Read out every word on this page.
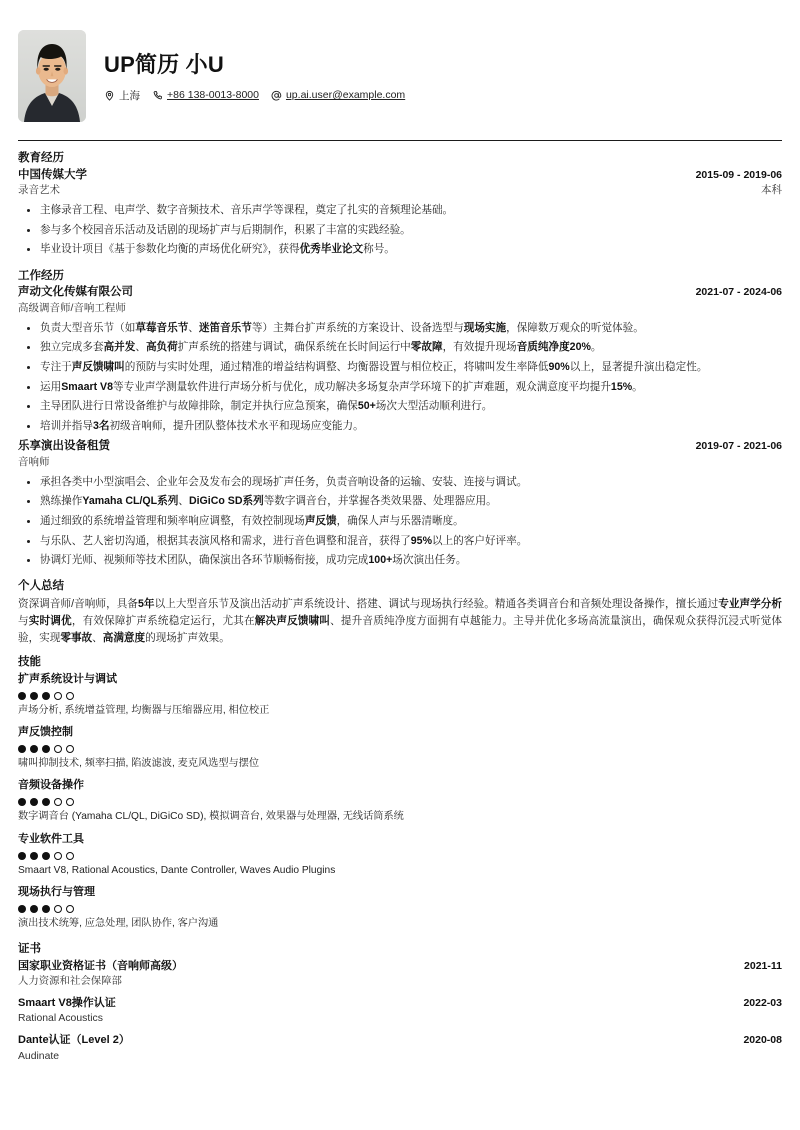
UP简历 小U
上海	+86 138-0013-8000	up.ai.user@example.com
教育经历
中国传媒大学	2015-09 - 2019-06
录音艺术	本科
主修录音工程、电声学、数字音频技术、音乐声学等课程，奠定了扎实的音频理论基础。
参与多个校园音乐活动及话剧的现场扩声与后期制作，积累了丰富的实践经验。
毕业设计项目《基于参数化均衡的声场优化研究》，获得优秀毕业论文称号。
工作经历
声动文化传媒有限公司	2021-07 - 2024-06
高级调音师/音响工程师
负责大型音乐节（如草莓音乐节、迷笛音乐节等）主舞台扩声系统的方案设计、设备选型与现场实施，保障数万观众的听觉体验。
独立完成多套高并发、高负荷扩声系统的搭建与调试，确保系统在长时间运行中零故障，有效提升现场音质纯净度20%。
专注于声反馈啸叫的预防与实时处理，通过精准的增益结构调整、均衡器设置与相位校正，将啸叫发生率降低90%以上，显著提升演出稳定性。
运用Smaart V8等专业声学测量软件进行声场分析与优化，成功解决多场复杂声学环境下的扩声难题，观众满意度平均提升15%。
主导团队进行日常设备维护与故障排除，制定并执行应急预案，确保50+场次大型活动顺利进行。
培训并指导3名初级音响师，提升团队整体技术水平和现场应变能力。
乐享演出设备租赁	2019-07 - 2021-06
音响师
承担各类中小型演唱会、企业年会及发布会的现场扩声任务，负责音响设备的运输、安装、连接与调试。
熟练操作Yamaha CL/QL系列、DiGiCo SD系列等数字调音台，并掌握各类效果器、处理器应用。
通过细致的系统增益管理和频率响应调整，有效控制现场声反馈，确保人声与乐器清晰度。
与乐队、艺人密切沟通，根据其表演风格和需求，进行音色调整和混音，获得了95%以上的客户好评率。
协调灯光师、视频师等技术团队，确保演出各环节顺畅衔接，成功完成100+场次演出任务。
个人总结
资深调音师/音响师，具备5年以上大型音乐节及演出活动扩声系统设计、搭建、调试与现场执行经验。精通各类调音台和音频处理设备操作，擅长通过专业声学分析与实时调优，有效保障扩声系统稳定运行，尤其在解决声反馈啸叫、提升音质纯净度方面拥有卓越能力。主导并优化多场高流量演出，确保观众获得沉浸式听觉体验，实现零事故、高满意度的现场扩声效果。
技能
扩声系统设计与调试
声场分析, 系统增益管理, 均衡器与压缩器应用, 相位校正
声反馈控制
啸叫抑制技术, 频率扫描, 陷波滤波, 麦克风选型与摆位
音频设备操作
数字调音台 (Yamaha CL/QL, DiGiCo SD), 模拟调音台, 效果器与处理器, 无线话筒系统
专业软件工具
Smaart V8, Rational Acoustics, Dante Controller, Waves Audio Plugins
现场执行与管理
演出技术统筹, 应急处理, 团队协作, 客户沟通
证书
国家职业资格证书（音响师高级）	2021-11
人力资源和社会保障部
Smaart V8操作认证	2022-03
Rational Acoustics
Dante认证（Level 2）	2020-08
Audinate
